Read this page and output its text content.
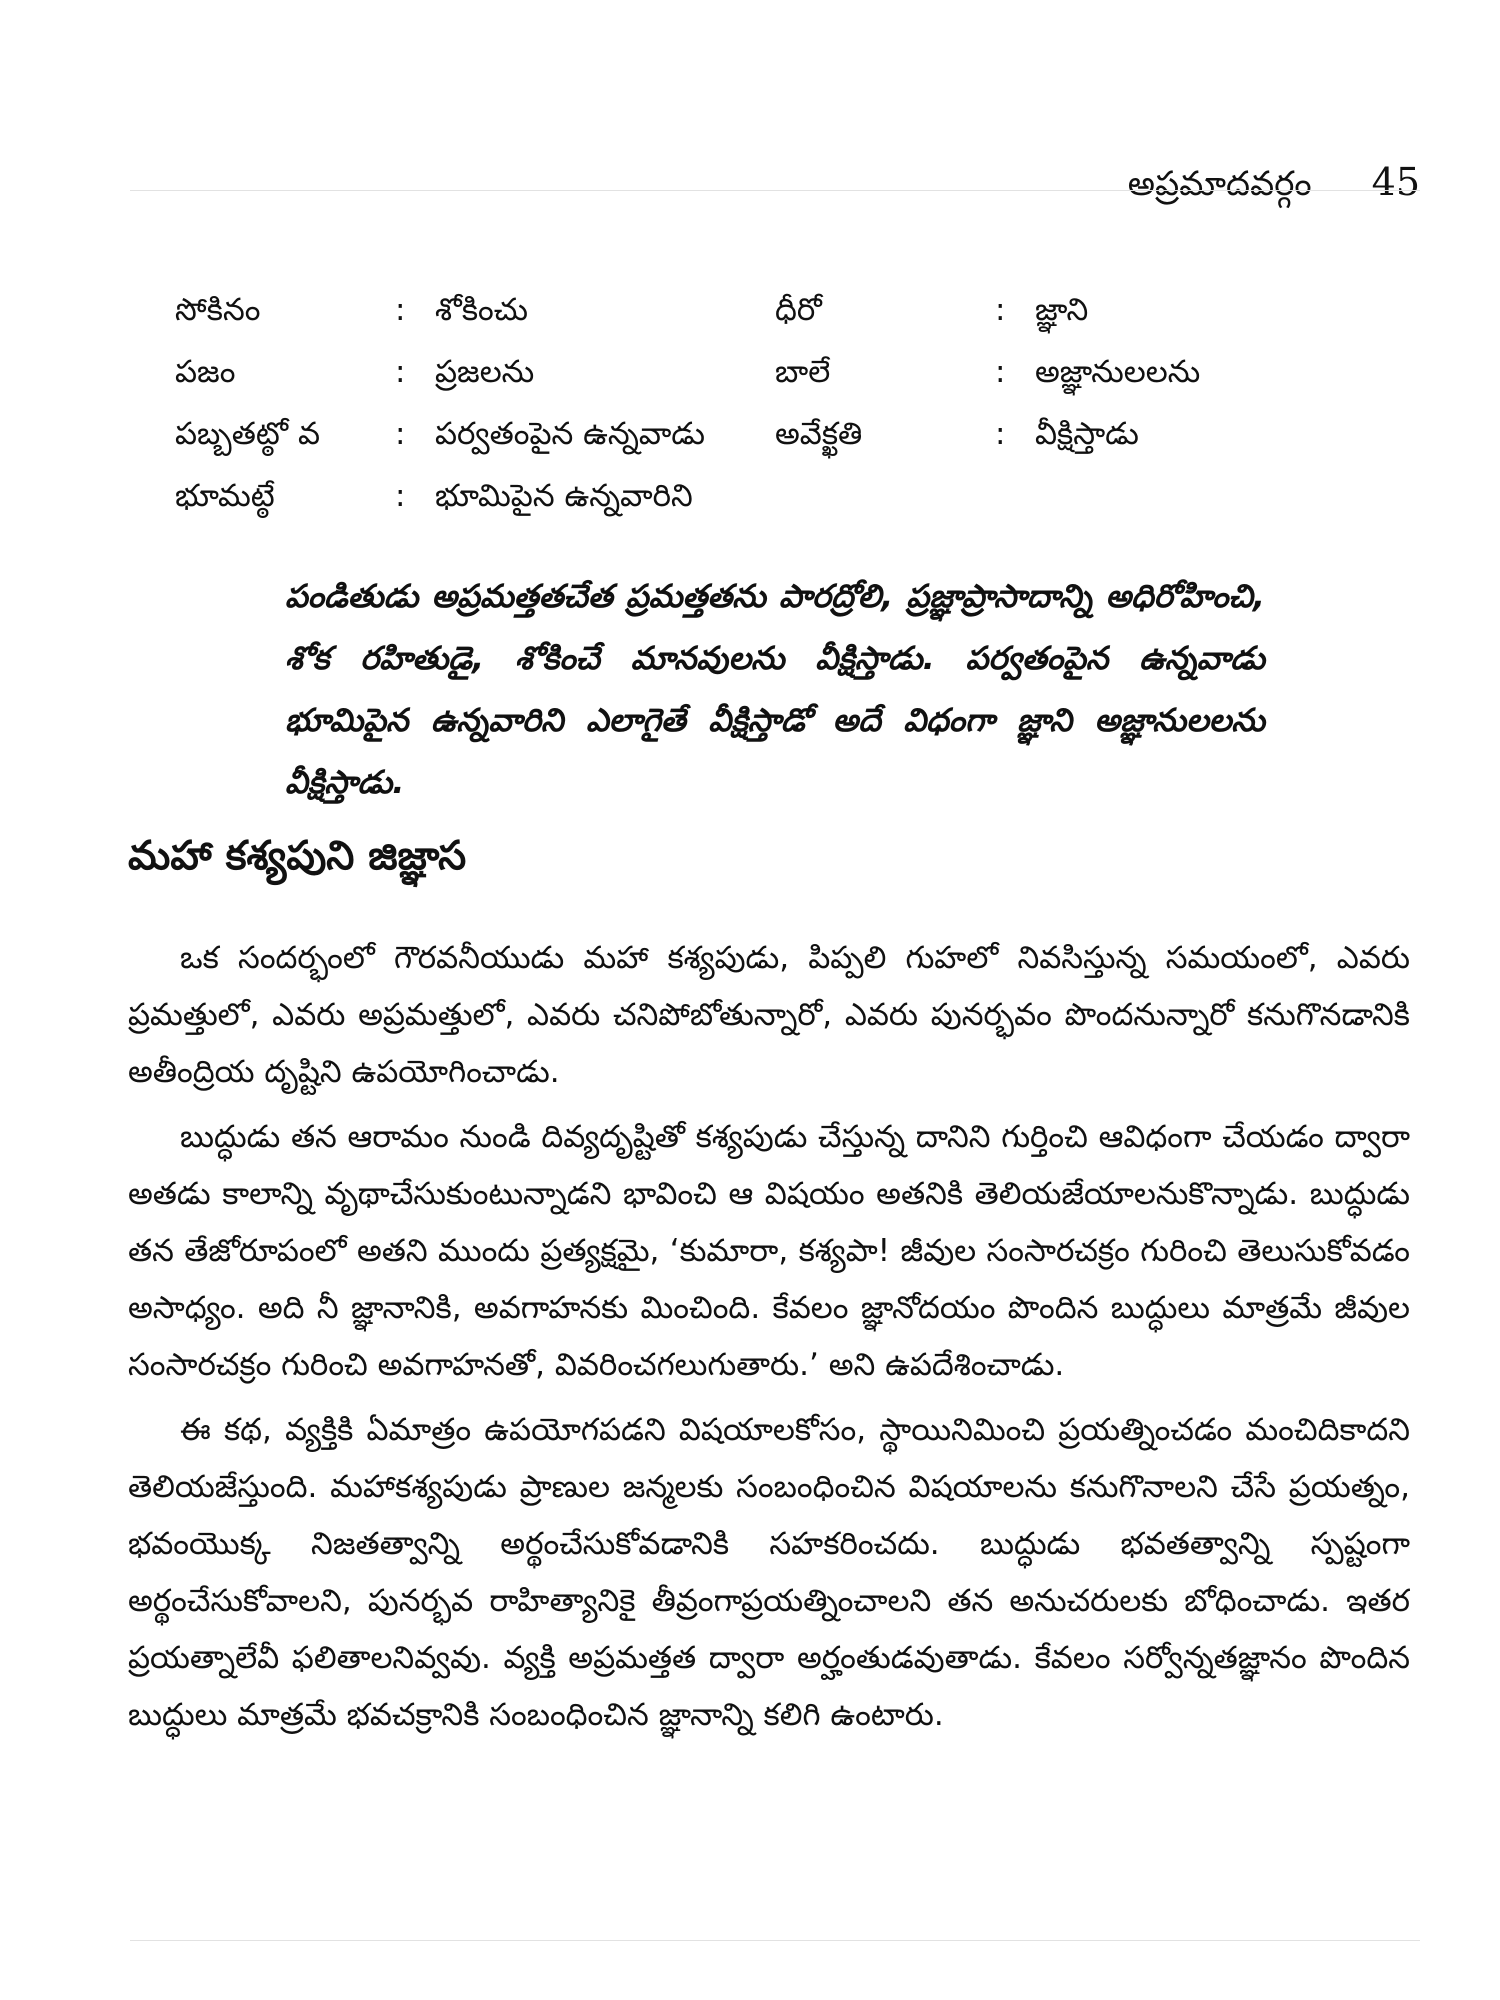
అప్రమాదవర్గం 45
సోకినం	: శోకించు	ధీరో	: జ్ఞాని
పజం	: ప్రజలను	బాలే	: అజ్ఞానులలను
పబ్బతట్ఠో వ	: పర్వతంపైన ఉన్నవాడు	అవేక్ఖతి	: వీక్షిస్తాడు
భూమట్ఠే	: భూమిపైన ఉన్నవారిని
పండితుడు అప్రమత్తతచేత ప్రమత్తతను పారద్రోలి, ప్రజ్ఞాప్రాసాదాన్ని అధిరోహించి, శోక రహితుడై, శోకించే మానవులను వీక్షిస్తాడు. పర్వతంపైన ఉన్నవాడు భూమిపైన ఉన్నవారిని ఎలాగైతే వీక్షిస్తాడో అదే విధంగా జ్ఞాని అజ్ఞానులలను వీక్షిస్తాడు.
మహా కశ్యపుని జిజ్ఞాస

ఒక సందర్భంలో గౌరవనీయుడు మహా కశ్యపుడు, పిప్పలి గుహలో నివసిస్తున్న సమయంలో, ఎవరు ప్రమత్తులో, ఎవరు అప్రమత్తులో, ఎవరు చనిపోబోతున్నారో, ఎవరు పునర్భవం పొందనున్నారో కనుగొనడానికి అతీంద్రియ దృష్టిని ఉపయోగించాడు.

బుద్ధుడు తన ఆరామం నుండి దివ్యదృష్టితో కశ్యపుడు చేస్తున్న దానిని గుర్తించి ఆవిధంగా చేయడం ద్వారా అతడు కాలాన్ని వృథాచేసుకుంటున్నాడని భావించి ఆ విషయం అతనికి తెలియజేయాలనుకొన్నాడు. బుద్ధుడు తన తేజోరూపంలో అతని ముందు ప్రత్యక్షమై, ‘కుమారా, కశ్యపా! జీవుల సంసారచక్రం గురించి తెలుసుకోవడం అసాధ్యం. అది నీ జ్ఞానానికి, అవగాహనకు మించింది. కేవలం జ్ఞానోదయం పొందిన బుద్ధులు మాత్రమే జీవుల సంసారచక్రం గురించి అవగాహనతో, వివరించగలుగుతారు.’ అని ఉపదేశించాడు.

ఈ కథ, వ్యక్తికి ఏమాత్రం ఉపయోగపడని విషయాలకోసం, స్థాయినిమించి ప్రయత్నించడం మంచిదికాదని తెలియజేస్తుంది. మహాకశ్యపుడు ప్రాణుల జన్మలకు సంబంధించిన విషయాలను కనుగొనాలని చేసే ప్రయత్నం, భవంయొక్క నిజతత్వాన్ని అర్థంచేసుకోవడానికి సహకరించదు. బుద్ధుడు భవతత్వాన్ని స్పష్టంగా అర్థంచేసుకోవాలని, పునర్భవ రాహిత్యానికై తీవ్రంగాప్రయత్నించాలని తన అనుచరులకు బోధించాడు. ఇతర ప్రయత్నాలేవీ ఫలితాలనివ్వవు. వ్యక్తి అప్రమత్తత ద్వారా అర్హంతుడవుతాడు. కేవలం సర్వోన్నతజ్ఞానం పొందిన బుద్ధులు మాత్రమే భవచక్రానికి సంబంధించిన జ్ఞానాన్ని కలిగి ఉంటారు.
